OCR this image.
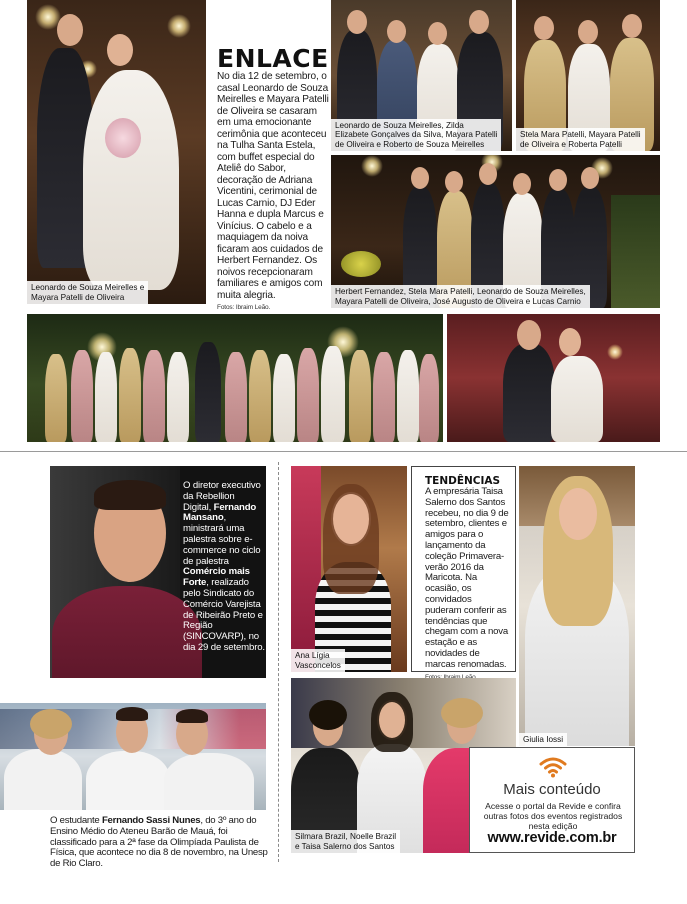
Leonardo de Souza Meirelles e
Mayara Patelli de Oliveira
ENLACE
No dia 12 de setembro, o casal Leonardo de Souza Meirelles e Mayara Patelli de Oliveira se casaram em uma emocionante cerimônia que aconteceu na Tulha Santa Estela, com buffet especial do Ateliê do Sabor, decoração de Adriana Vicentini, cerimonial de Lucas Carnio, DJ Eder Hanna e dupla Marcus e Vinícius. O cabelo e a maquiagem da noiva ficaram aos cuidados de Herbert Fernandez. Os noivos recepcionaram familiares e amigos com muita alegria.
Fotos: Ibraim Leão.
Leonardo de Souza Meirelles, Zilda
Elizabete Gonçalves da Silva, Mayara Patelli
de Oliveira e Roberto de Souza Meirelles
Stela Mara Patelli, Mayara Patelli
de Oliveira e Roberta Patelli
Herbert Fernandez, Stela Mara Patelli, Leonardo de Souza Meirelles,
Mayara Patelli de Oliveira, José Augusto de Oliveira e Lucas Carnio
O diretor executivo da Rebellion Digital, Fernando Mansano, ministrará uma palestra sobre e-commerce no ciclo de palestra Comércio mais Forte, realizado pelo Sindicato do Comércio Varejista de Ribeirão Preto e Região (SINCOVARP), no dia 29 de setembro.
O estudante Fernando Sassi Nunes, do 3º ano do Ensino Médio do Ateneu Barão de Mauá, foi classificado para a 2ª fase da Olimpíada Paulista de Física, que acontece no dia 8 de novembro, na Unesp de Rio Claro.
Ana Lígia
Vasconcelos
TENDÊNCIAS
A empresária Taisa Salerno dos Santos recebeu, no dia 9 de setembro, clientes e amigos para o lançamento da coleção Primavera-verão 2016 da Maricota. Na ocasião, os convidados puderam conferir as tendências que chegam com a nova estação e as novidades de marcas renomadas.
Giulia Iossi
Silmara Brazil, Noelle Brazil
e Taisa Salerno dos Santos
Mais conteúdo
Acesse o portal da Revide e confira outras fotos dos eventos registrados nesta edição
www.revide.com.br
